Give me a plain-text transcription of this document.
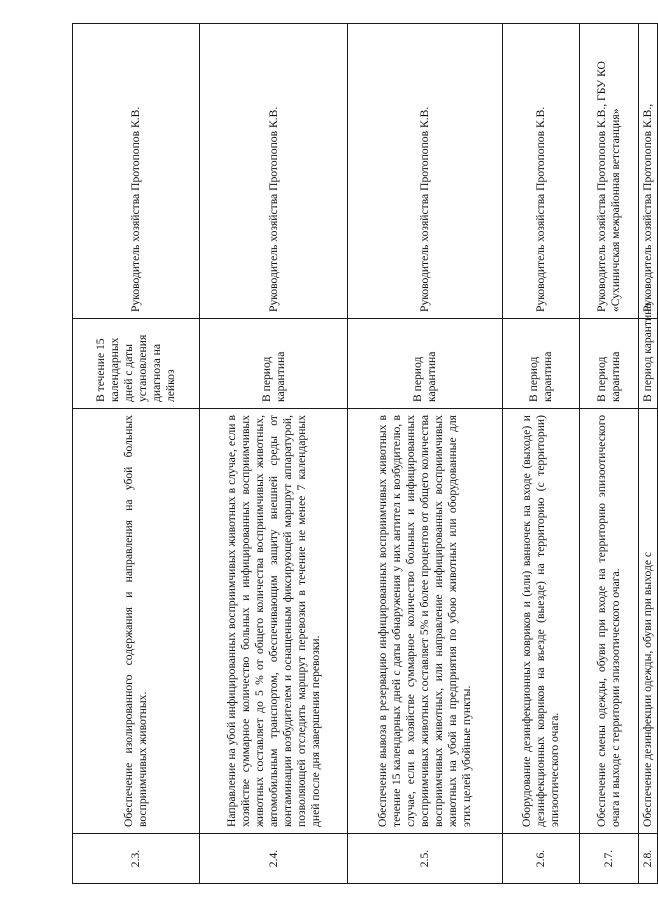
2.3.	Обеспечение изолированного содержания и направления на убой больных восприимчивых животных.	В течение 15 календарных дней с даты установления диагноза на лейкоз	Руководитель хозяйства Протопопов К.В.
2.4.	Направление на убой инфицированных восприимчивых животных в случае, если в хозяйстве суммарное количество больных и инфицированных восприимчивых животных составляет до 5 % от общего количества восприимчивых животных, автомобильным транспортом, обеспечивающим защиту внешней среды от контаминации возбудителем и оснащенным фиксирующей маршрут аппаратурой, позволяющей отследить маршрут перевозки в течение не менее 7 календарных дней после дня завершения перевозки.	В период карантина	Руководитель хозяйства Протопопов К.В.
2.5.	Обеспечение вывоза в резервацию инфицированных восприимчивых животных в течение 15 календарных дней с даты обнаружения у них антител к возбудителю, в случае, если в хозяйстве суммарное количество больных и инфицированных восприимчивых животных составляет 5% и более процентов от общего количества восприимчивых животных, или направление инфицированных восприимчивых животных на убой на предприятия по убою животных или оборудованные для этих целей убойные пункты.	В период карантина	Руководитель хозяйства Протопопов К.В.
2.6.	Оборудование дезинфекционных ковриков и (или) ванночек на входе (выходе) и дезинфекционных ковриков на въезде (выезде) на территорию (с территории) эпизоотического очага.	В период карантина	Руководитель хозяйства Протопопов К.В.
2.7.	Обеспечение смены одежды, обуви при входе на территорию эпизоотического очага и выходе с территории эпизоотического очага.	В период карантина	Руководитель хозяйства Протопопов К.В., ГБУ КО «Сухиничская межрайонная ветстанция»
2.8.	Обеспечение дезинфекции одежды, обуви при выходе с	В период карантина	Руководитель хозяйства Протопопов К.В.,
